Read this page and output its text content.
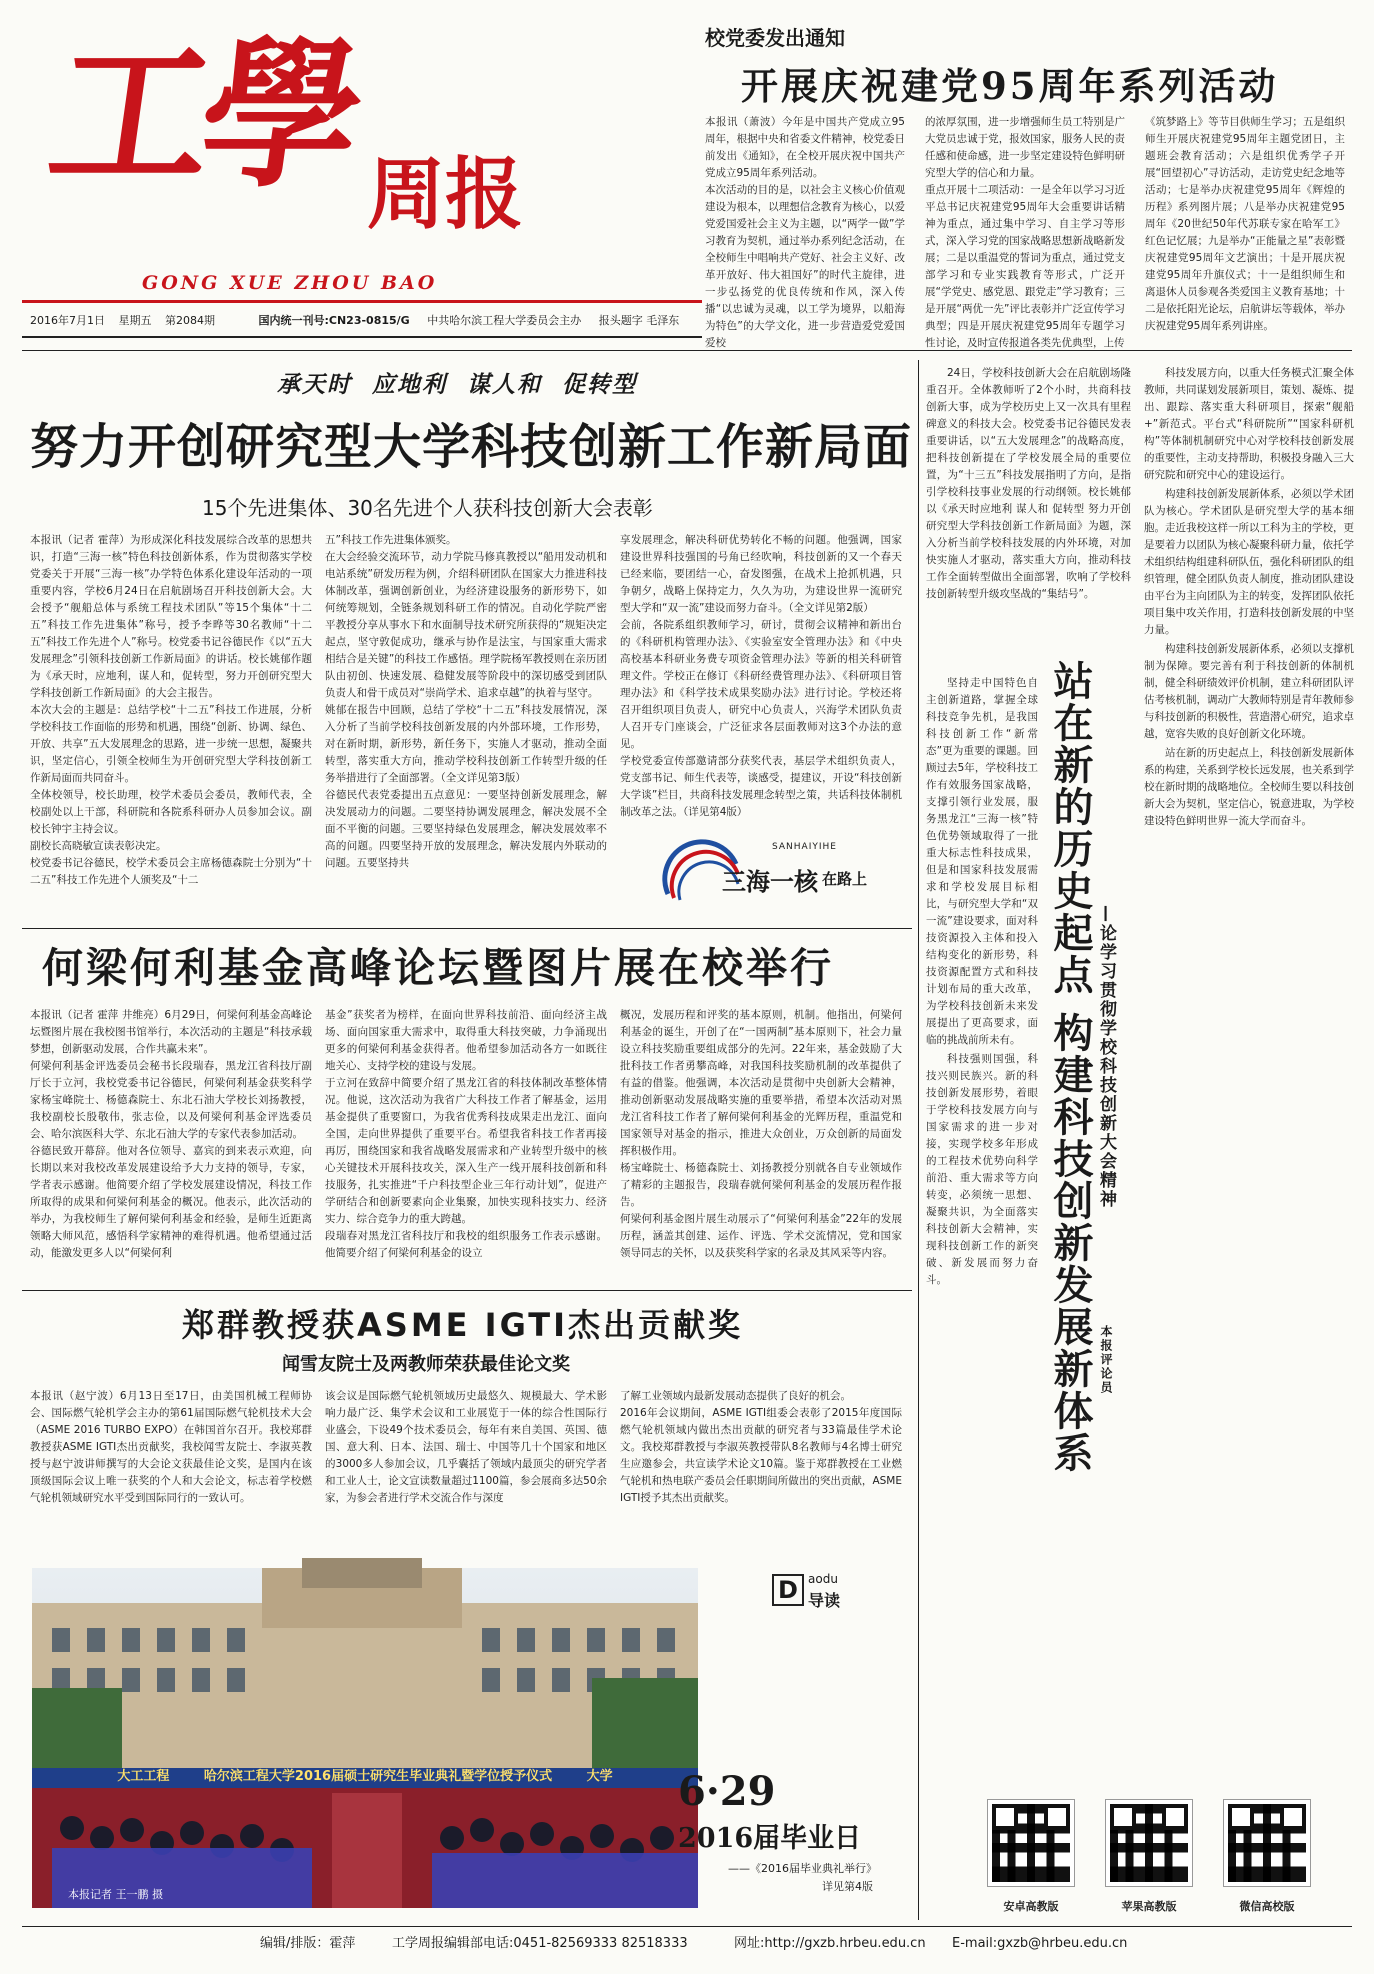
工學 周报
GONG XUE ZHOU BAO
2016年7月1日 星期五 第2084期	国内统一刊号:CN23-0815/G 中共哈尔滨工程大学委员会主办 报头题字 毛泽东
校党委发出通知
开展庆祝建党95周年系列活动
本报讯（萧波）今年是中国共产党成立95周年，根据中央和省委文件精神，校党委日前发出《通知》，在全校开展庆祝中国共产党成立95周年系列活动。
本次活动的目的是，以社会主义核心价值观建设为根本，以理想信念教育为核心，以爱党爱国爱社会主义为主题，以“两学一做”学习教育为契机，通过举办系列纪念活动，在全校师生中唱响共产党好、社会主义好、改革开放好、伟大祖国好”的时代主旋律，进一步弘扬党的优良传统和作风，深入传播“以忠诚为灵魂，以工学为境界，以船海为特色”的大学文化，进一步营造爱党爱国爱校
的浓厚氛围，进一步增强师生员工特别是广大党员忠诚于党，报效国家，服务人民的责任感和使命感，进一步坚定建设特色鲜明研究型大学的信心和力量。
重点开展十二项活动：一是全年以学习习近平总书记庆祝建党95周年大会重要讲话精神为重点，通过集中学习、自主学习等形式，深入学习党的国家战略思想新战略新发展；二是以重温党的誓词为重点，通过党支部学习和专业实践教育等形式，广泛开展“学党史、感党恩、跟党走”学习教育；三是开展“两优一先”评比表彰并广泛宣传学习典型；四是开展庆祝建党95周年专题学习性讨论，及时宣传报道各类先优典型，上传
《筑梦路上》等节目供师生学习；五是组织师生开展庆祝建党95周年主题党团日，主题班会教育活动；六是组织优秀学子开展“回望初心”寻访活动，走访党史纪念地等活动；七是举办庆祝建党95周年《辉煌的历程》系列图片展；八是举办庆祝建党95周年《20世纪50年代苏联专家在哈军工》红色记忆展；九是举办“正能量之星”表彰暨庆祝建党95周年文艺演出；十是开展庆祝建党95周年升旗仪式；十一是组织师生和离退休人员参观各类爱国主义教育基地；十二是依托阳光论坛，启航讲坛等载体，举办庆祝建党95周年系列讲座。
承天时  应地利  谋人和  促转型
努力开创研究型大学科技创新工作新局面
15个先进集体、30名先进个人获科技创新大会表彰
本报讯（记者 霍萍）为形成深化科技发展综合改革的思想共识，打造“三海一核”特色科技创新体系，作为贯彻落实学校党委关于开展“三海一核”办学特色体系化建设年活动的一项重要内容，学校6月24日在启航剧场召开科技创新大会。大会授予“舰船总体与系统工程技术团队”等15个集体“十二五”科技工作先进集体”称号，授予李晔等30名教师“十二五”科技工作先进个人”称号。校党委书记谷德民作《以“五大发展理念”引领科技创新工作新局面》的讲话。校长姚郁作题为《承天时，应地利，谋人和，促转型，努力开创研究型大学科技创新工作新局面》的大会主报告。
本次大会的主题是：总结学校“十二五”科技工作进展，分析学校科技工作面临的形势和机遇，围绕“创新、协调、绿色、开放、共享”五大发展理念的思路，进一步统一思想，凝聚共识，坚定信心，引领全校师生为开创研究型大学科技创新工作新局面而共同奋斗。
全体校领导，校长助理，校学术委员会委员，教师代表，全校副处以上干部，科研院和各院系科研办人员参加会议。副校长钟宇主持会议。
副校长高晓敏宣读表彰决定。
校党委书记谷德民，校学术委员会主席杨德森院士分别为“十二五”科技工作先进个人颁奖及“十二
五”科技工作先进集体颁奖。
在大会经验交流环节，动力学院马修真教授以“船用发动机和电站系统”研发历程为例，介绍科研团队在国家大力推进科技体制改革，强调创新创业，为经济建设服务的新形势下，如何统筹规划，全链条规划科研工作的情况。自动化学院严密平教授分享从事水下和水面制导技术研究所获得的“规矩决定起点，坚守敦促成功，继承与协作是法宝，与国家重大需求相结合是关键”的科技工作感悟。理学院杨军教授则在亲历团队由初创、快速发展、稳健发展等阶段中的深切感受到团队负责人和骨干成员对“崇尚学术、追求卓越”的执着与坚守。
姚郁在报告中回顾，总结了学校“十二五”科技发展情况，深入分析了当前学校科技创新发展的内外部环境，工作形势，对在新时期，新形势，新任务下，实施人才驱动，推动全面转型，落实重大方向，推动学校科技创新工作转型升级的任务举措进行了全面部署。（全文详见第3版）
谷德民代表党委提出五点意见：一要坚持创新发展理念，解决发展动力的问题。二要坚持协调发展理念，解决发展不全面不平衡的问题。三要坚持绿色发展理念，解决发展效率不高的问题。四要坚持开放的发展理念，解决发展内外联动的问题。五要坚持共
享发展理念，解决科研优势转化不畅的问题。他强调，国家建设世界科技强国的号角已经吹响，科技创新的又一个春天已经来临，要团结一心，奋发图强，在战术上抢抓机遇，只争朝夕，战略上保持定力，久久为功，为建设世界一流研究型大学和“双一流”建设而努力奋斗。（全文详见第2版）
会前，各院系组织教师学习，研讨，贯彻会议精神和新出台的《科研机构管理办法》、《实验室安全管理办法》和《中央高校基本科研业务费专项资金管理办法》等新的相关科研管理文件。学校正在修订《科研经费管理办法》、《科研项目管理办法》和《科学技术成果奖励办法》进行讨论。学校还将召开组织项目负责人，研究中心负责人，兴海学术团队负责人召开专门座谈会，广泛征求各层面教师对这3个办法的意见。
学校党委宣传部邀请部分获奖代表，基层学术组织负责人，党支部书记、师生代表等，谈感受，提建议，开设“科技创新大学谈”栏目，共商科技发展理念转型之策，共话科技体制机制改革之法。（详见第4版）
SANHAIYIHE
三海一核 在路上

24日，学校科技创新大会在启航剧场隆重召开。全体教师听了2个小时，共商科技创新大事，成为学校历史上又一次具有里程碑意义的科技大会。校党委书记谷德民发表重要讲话，以“五大发展理念”的战略高度，把科技创新提在了学校发展全局的重要位置，为“十三五”科技发展指明了方向，是指引学校科技事业发展的行动纲领。校长姚郁以《承天时应地利 谋人和 促转型 努力开创研究型大学科技创新工作新局面》为题，深入分析当前学校科技发展的内外环境，对加快实施人才驱动，落实重大方向，推动科技工作全面转型做出全面部署，吹响了学校科技创新转型升级攻坚战的“集结号”。

科技发展方向，以重大任务模式汇聚全体教师，共同谋划发展新项目，策划、凝炼、提出、跟踪、落实重大科研项目，探索“舰船+”新范式。平台式“科研院所”“国家科研机构”等体制机制研究中心对学校科技创新发展的重要性，主动支持帮助，积极投身融入三大研究院和研究中心的建设运行。

构建科技创新发展新体系，必须以学术团队为核心。学术团队是研究型大学的基本细胞。走近我校这样一所以工科为主的学校，更是要着力以团队为核心凝聚科研力量，依托学术组织结构组建科研队伍，强化科研团队的组织管理，健全团队负责人制度，推动团队建设由平台为主向团队为主的转变，发挥团队依托项目集中攻关作用，打造科技创新发展的中坚力量。

构建科技创新发展新体系，必须以支撑机制为保障。要完善有利于科技创新的体制机制，健全科研绩效评价机制，建立科研团队评估考核机制，调动广大教师特别是青年教师参与科技创新的积极性，营造潜心研究，追求卓越，宽容失败的良好创新文化环境。

站在新的历史起点上，科技创新发展新体系的构建，关系到学校长远发展，也关系到学校在新时期的战略地位。全校师生要以科技创新大会为契机，坚定信心，锐意进取，为学校建设特色鲜明世界一流大学而奋斗。

坚持走中国特色自主创新道路，掌握全球科技竞争先机，是我国科技创新工作“新常态”更为重要的课题。回顾过去5年，学校科技工作有效服务国家战略，支撑引领行业发展，服务黑龙江“三海一核”特色优势领域取得了一批重大标志性科技成果，但是和国家科技发展需求和学校发展目标相比，与研究型大学和“双一流”建设要求，面对科技资源投入主体和投入结构变化的新形势，科技资源配置方式和科技计划布局的重大改革，为学校科技创新未来发展提出了更高要求，面临的挑战前所未有。

科技强则国强，科技兴则民族兴。新的科技创新发展形势，着眼于学校科技发展方向与国家需求的进一步对接，实现学校多年形成的工程技术优势向科学前沿、重大需求等方向转变，必须统一思想、凝聚共识，为全面落实科技创新大会精神，实现科技创新工作的新突破、新发展而努力奋斗。	站在新的历史起点 构建科技创新发展新体系 —论学习贯彻学校科技创新大会精神
本报评论员
何梁何利基金高峰论坛暨图片展在校举行
本报讯（记者 霍萍 井维亮）6月29日，何梁何利基金高峰论坛暨图片展在我校图书馆举行，本次活动的主题是“科技承载梦想，创新驱动发展，合作共赢未来”。
何梁何利基金评选委员会秘书长段瑞春，黑龙江省科技厅副厅长于立河，我校党委书记谷德民，何梁何利基金获奖科学家杨宝峰院士、杨德森院士、东北石油大学校长刘扬教授，我校副校长殷敬伟，张志俭，以及何梁何利基金评选委员会、哈尔滨医科大学、东北石油大学的专家代表参加活动。
谷德民致开幕辞。他对各位领导、嘉宾的到来表示欢迎，向长期以来对我校改革发展建设给予大力支持的领导，专家，学者表示感谢。他简要介绍了学校发展建设情况，科技工作所取得的成果和何梁何利基金的概况。他表示，此次活动的举办，为我校师生了解何梁何利基金和经验，是师生近距离领略大师风范，感悟科学家精神的难得机遇。他希望通过活动，能激发更多人以“何梁何利
基金”获奖者为榜样，在面向世界科技前沿、面向经济主战场、面向国家重大需求中，取得重大科技突破，力争涌现出更多的何梁何利基金获得者。他希望参加活动各方一如既往地关心、支持学校的建设与发展。
于立河在致辞中简要介绍了黑龙江省的科技体制改革整体情况。他说，这次活动为我省广大科技工作者了解基金，运用基金提供了重要窗口，为我省优秀科技成果走出龙江、面向全国，走向世界提供了重要平台。希望我省科技工作者再接再厉，围绕国家和我省战略发展需求和产业转型升级中的核心关键技术开展科技攻关，深入生产一线开展科技创新和科技服务，扎实推进“千户科技型企业三年行动计划”，促进产学研结合和创新要素向企业集聚，加快实现科技实力、经济实力、综合竞争力的重大跨越。
段瑞春对黑龙江省科技厅和我校的组织服务工作表示感谢。他简要介绍了何梁何利基金的设立
概况，发展历程和评奖的基本原则，机制。他指出，何梁何利基金的诞生，开创了在“一国两制”基本原则下，社会力量设立科技奖励重要组成部分的先河。22年来，基金鼓励了大批科技工作者勇攀高峰，对我国科技奖励机制的改革提供了有益的借鉴。他强调，本次活动是贯彻中央创新大会精神，推动创新驱动发展战略实施的重要举措，希望本次活动对黑龙江省科技工作者了解何梁何利基金的光辉历程，重温党和国家领导对基金的指示，推进大众创业，万众创新的局面发挥积极作用。
杨宝峰院士、杨德森院士、刘扬教授分别就各自专业领域作了精彩的主题报告，段瑞春就何梁何利基金的发展历程作报告。
何梁何利基金图片展生动展示了“何梁何利基金”22年的发展历程，涵盖其创建、运作、评选、学术交流情况，党和国家领导同志的关怀，以及获奖科学家的名录及其风采等内容。
郑群教授获ASME IGTI杰出贡献奖
闻雪友院士及两教师荣获最佳论文奖
本报讯（赵宁波）6月13日至17日，由美国机械工程师协会、国际燃气轮机学会主办的第61届国际燃气轮机技术大会（ASME 2016 TURBO EXPO）在韩国首尔召开。我校郑群教授获ASME IGTI杰出贡献奖，我校闻雪友院士、李淑英教授与赵宁波讲师撰写的大会论文获最佳论文奖，是国内在该顶级国际会议上唯一获奖的个人和大会论文，标志着学校燃气轮机领域研究水平受到国际同行的一致认可。
该会议是国际燃气轮机领域历史最悠久、规模最大、学术影响力最广泛、集学术会议和工业展览于一体的综合性国际行业盛会，下设49个技术委员会，每年有来自美国、英国、德国、意大利、日本、法国、瑞士、中国等几十个国家和地区的3000多人参加会议，几乎囊括了领域内最顶尖的研究学者和工业人士，论文宣读数量超过1100篇，参会展商多达50余家，为参会者进行学术交流合作与深度
了解工业领域内最新发展动态提供了良好的机会。
2016年会议期间，ASME IGTI组委会表彰了2015年度国际燃气轮机领域内做出杰出贡献的研究者与33篇最佳学术论文。我校郑群教授与李淑英教授带队8名教师与4名博士研究生应邀参会，共宣读学术论文10篇。鉴于郑群教授在工业燃气轮机和热电联产委员会任职期间所做出的突出贡献，ASME IGTI授予其杰出贡献奖。
大工工程	哈尔滨工程大学2016届硕士研究生毕业典礼暨学位授予仪式	大学
本报记者 王一鹏 摄
D aodu
导读
6·29
2016届毕业日
——《2016届毕业典礼举行》
详见第4版
安卓高教版	苹果高教版	微信高校版
编辑/排版：霍萍	工学周报编辑部电话:0451-82569333 82518333	网址:http://gxzb.hrbeu.edu.cn E-mail:gxzb@hrbeu.edu.cn
